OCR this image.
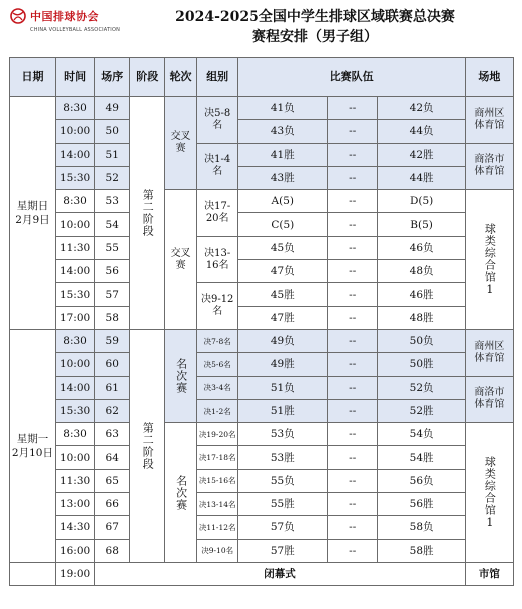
中国排球协会
CHINA VOLLEYBALL ASSOCIATION
2024-2025全国中学生排球区域联赛总决赛
赛程安排（男子组）
日期	时间	场序	阶段	轮次	组别	比赛队伍			场地
星期日
2月9日	8:30	49	第二阶段	交叉赛	决5-8名	41负	--	42负	商州区体育馆

	10:00	50				43负	--	44负	
	14:00	51			决1-4名	41胜	--	42胜	商洛市体育馆

	15:30	52				43胜	--	44胜	
	8:30	53		交叉赛	决17-20名	A(5)	--	D(5)	球类综合馆1

	10:00	54				C(5)	--	B(5)	
	11:30	55			决13-16名	45负	--	46负	
	14:00	56				47负	--	48负	
	15:30	57			决9-12名	45胜	--	46胜	
	17:00	58				47胜	--	48胜	
星期一
2月10日	8:30	59	第二阶段	名次赛	决7-8名	49负	--	50负	商州区体育馆

	10:00	60			决5-6名	49胜	--	50胜	
	14:00	61			决3-4名	51负	--	52负	商洛市体育馆

	15:30	62			决1-2名	51胜	--	52胜	
	8:30	63		名次赛	决19-20名	53负	--	54负	球类综合馆1

	10:00	64			决17-18名	53胜	--	54胜	
	11:30	65			决15-16名	55负	--	56负	
	13:00	66			决13-14名	55胜	--	56胜	
	14:30	67			决11-12名	57负	--	58负	
	16:00	68			决9-10名	57胜	--	58胜	
	19:00	闭幕式							市馆
